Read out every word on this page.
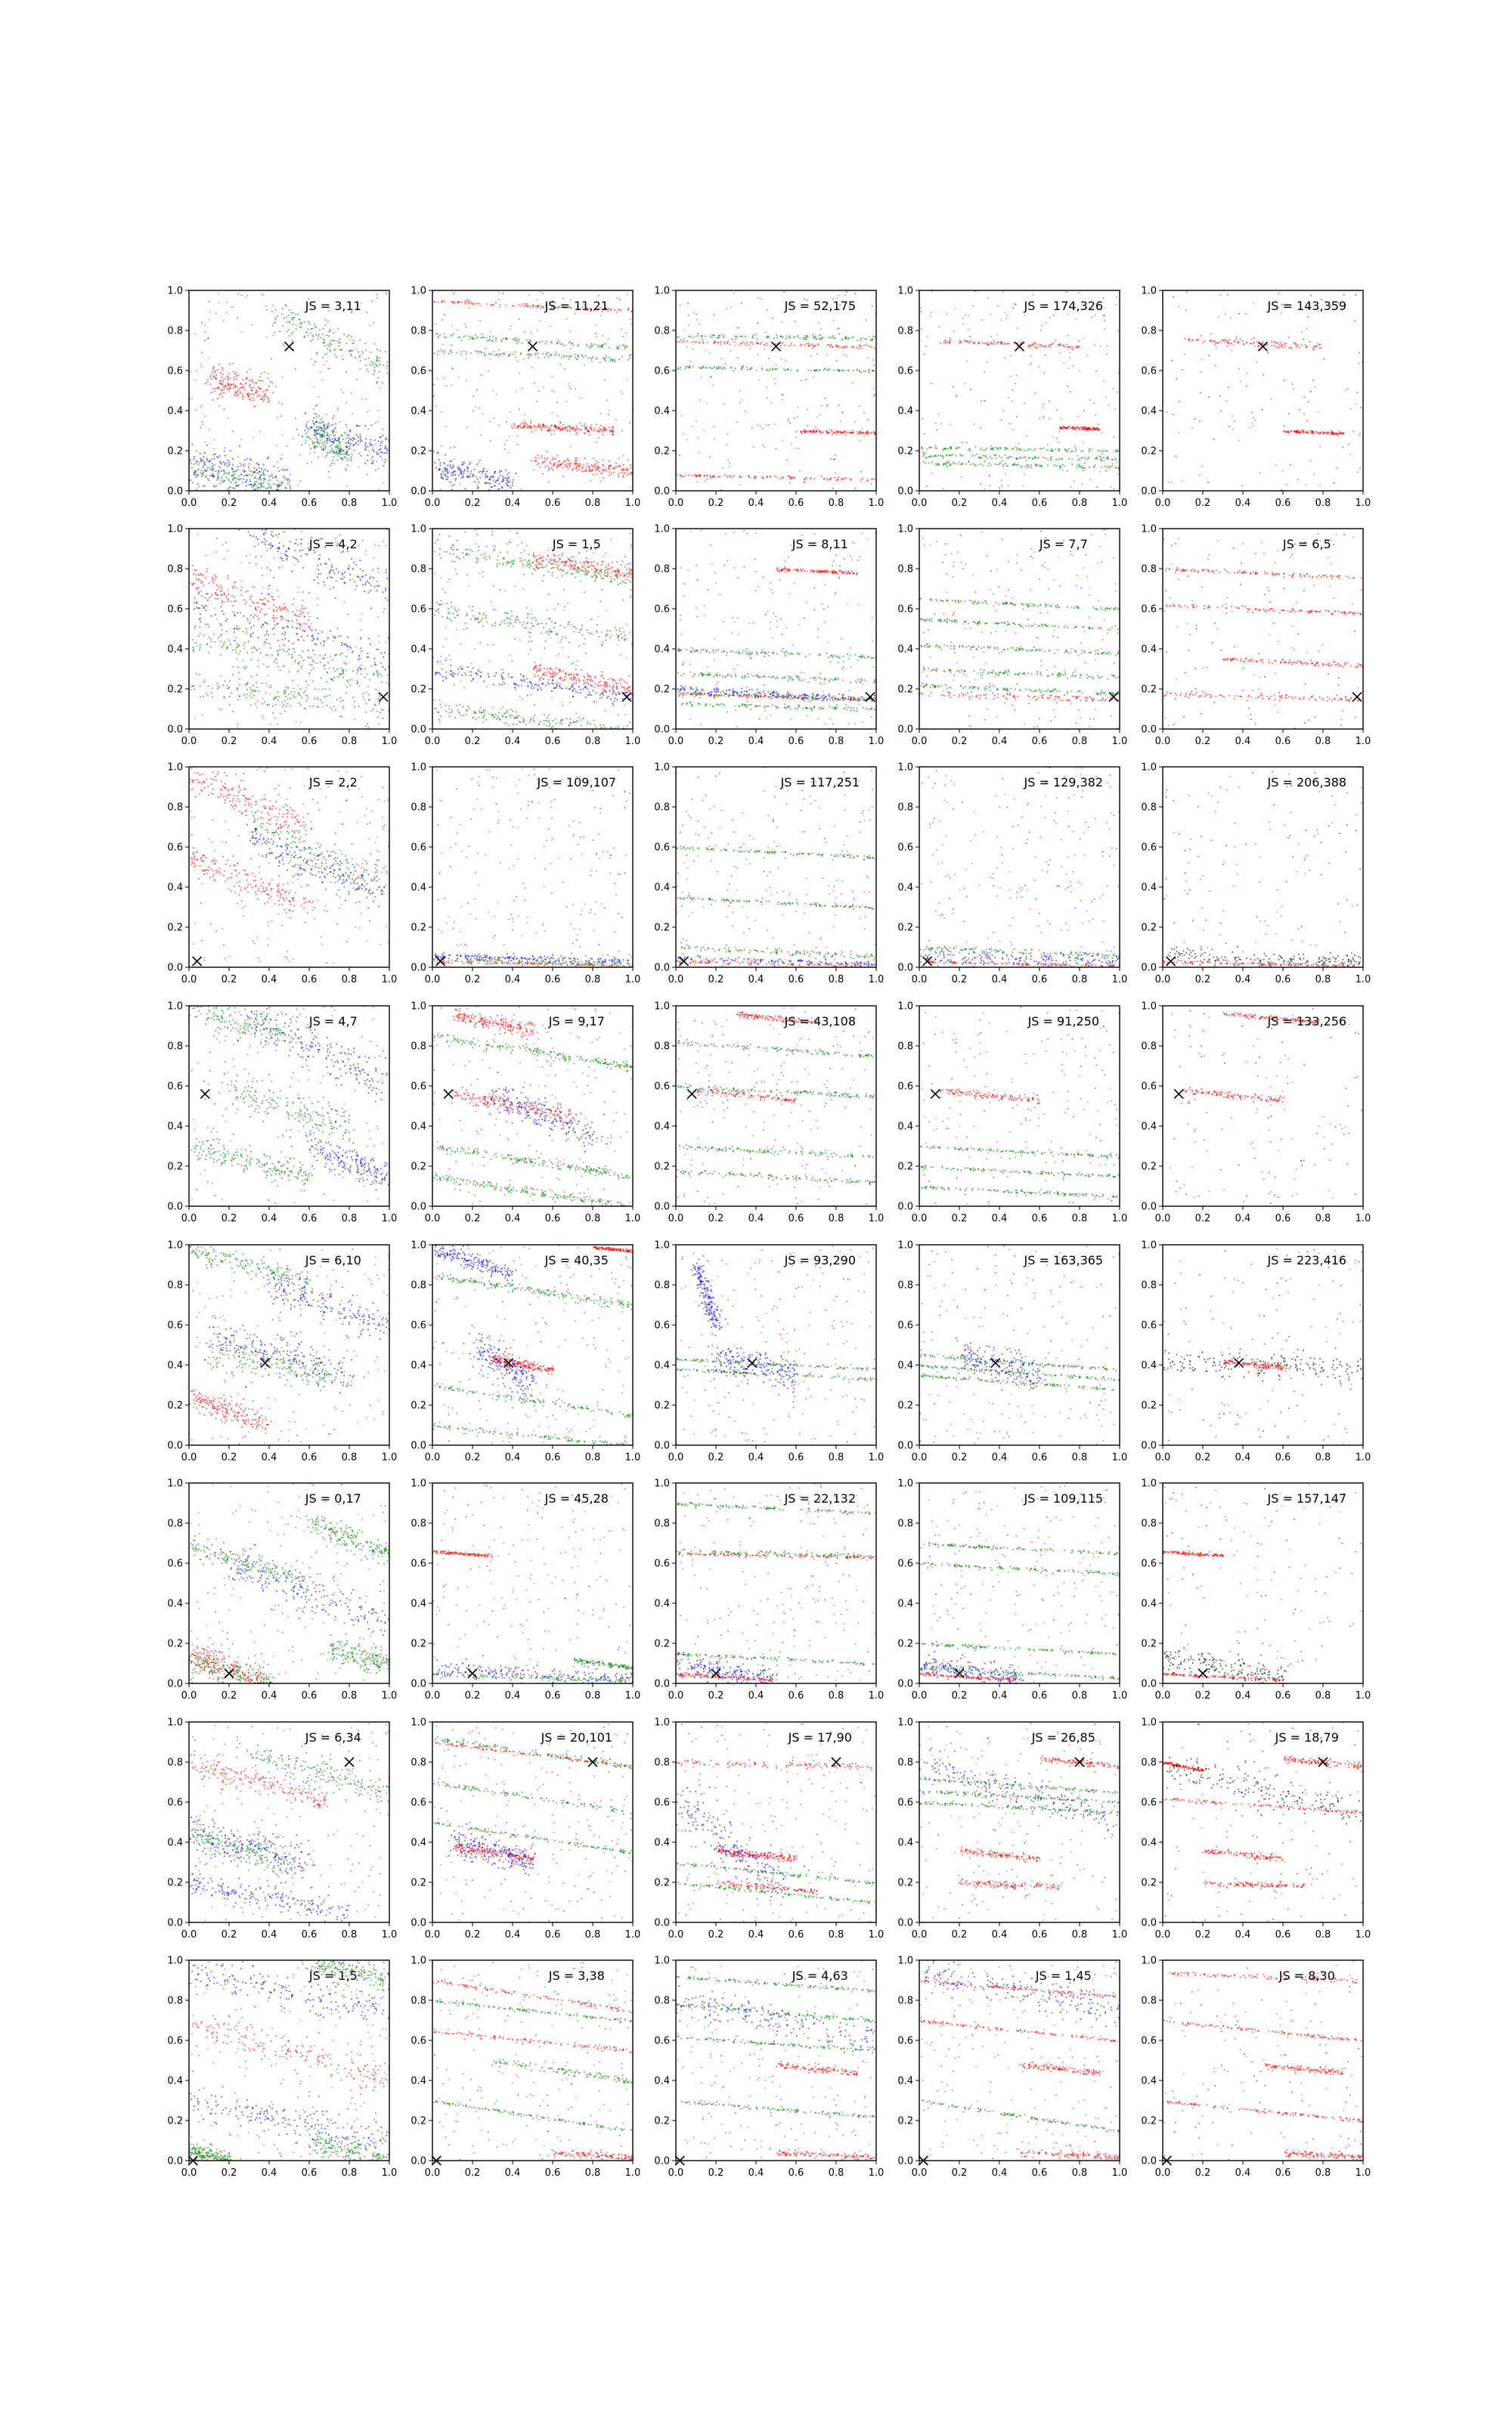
JS = 3,11
0.0
0.0
0.2
0.2
0.4
0.4
0.6
0.6
0.8
0.8
1.0
1.0
JS = 11,21
0.0
0.0
0.2
0.2
0.4
0.4
0.6
0.6
0.8
0.8
1.0
1.0
JS = 52,175
0.0
0.0
0.2
0.2
0.4
0.4
0.6
0.6
0.8
0.8
1.0
1.0
JS = 174,326
0.0
0.0
0.2
0.2
0.4
0.4
0.6
0.6
0.8
0.8
1.0
1.0
JS = 143,359
0.0
0.0
0.2
0.2
0.4
0.4
0.6
0.6
0.8
0.8
1.0
1.0
JS = 4,2
0.0
0.0
0.2
0.2
0.4
0.4
0.6
0.6
0.8
0.8
1.0
1.0
JS = 1,5
0.0
0.0
0.2
0.2
0.4
0.4
0.6
0.6
0.8
0.8
1.0
1.0
JS = 8,11
0.0
0.0
0.2
0.2
0.4
0.4
0.6
0.6
0.8
0.8
1.0
1.0
JS = 7,7
0.0
0.0
0.2
0.2
0.4
0.4
0.6
0.6
0.8
0.8
1.0
1.0
JS = 6,5
0.0
0.0
0.2
0.2
0.4
0.4
0.6
0.6
0.8
0.8
1.0
1.0
JS = 2,2
0.0
0.0
0.2
0.2
0.4
0.4
0.6
0.6
0.8
0.8
1.0
1.0
JS = 109,107
0.0
0.0
0.2
0.2
0.4
0.4
0.6
0.6
0.8
0.8
1.0
1.0
JS = 117,251
0.0
0.0
0.2
0.2
0.4
0.4
0.6
0.6
0.8
0.8
1.0
1.0
JS = 129,382
0.0
0.0
0.2
0.2
0.4
0.4
0.6
0.6
0.8
0.8
1.0
1.0
JS = 206,388
0.0
0.0
0.2
0.2
0.4
0.4
0.6
0.6
0.8
0.8
1.0
1.0
JS = 4,7
0.0
0.0
0.2
0.2
0.4
0.4
0.6
0.6
0.8
0.8
1.0
1.0
JS = 9,17
0.0
0.0
0.2
0.2
0.4
0.4
0.6
0.6
0.8
0.8
1.0
1.0
JS = 43,108
0.0
0.0
0.2
0.2
0.4
0.4
0.6
0.6
0.8
0.8
1.0
1.0
JS = 91,250
0.0
0.0
0.2
0.2
0.4
0.4
0.6
0.6
0.8
0.8
1.0
1.0
JS = 133,256
0.0
0.0
0.2
0.2
0.4
0.4
0.6
0.6
0.8
0.8
1.0
1.0
JS = 6,10
0.0
0.0
0.2
0.2
0.4
0.4
0.6
0.6
0.8
0.8
1.0
1.0
JS = 40,35
0.0
0.0
0.2
0.2
0.4
0.4
0.6
0.6
0.8
0.8
1.0
1.0
JS = 93,290
0.0
0.0
0.2
0.2
0.4
0.4
0.6
0.6
0.8
0.8
1.0
1.0
JS = 163,365
0.0
0.0
0.2
0.2
0.4
0.4
0.6
0.6
0.8
0.8
1.0
1.0
JS = 223,416
0.0
0.0
0.2
0.2
0.4
0.4
0.6
0.6
0.8
0.8
1.0
1.0
JS = 0,17
0.0
0.0
0.2
0.2
0.4
0.4
0.6
0.6
0.8
0.8
1.0
1.0
JS = 45,28
0.0
0.0
0.2
0.2
0.4
0.4
0.6
0.6
0.8
0.8
1.0
1.0
JS = 22,132
0.0
0.0
0.2
0.2
0.4
0.4
0.6
0.6
0.8
0.8
1.0
1.0
JS = 109,115
0.0
0.0
0.2
0.2
0.4
0.4
0.6
0.6
0.8
0.8
1.0
1.0
JS = 157,147
0.0
0.0
0.2
0.2
0.4
0.4
0.6
0.6
0.8
0.8
1.0
1.0
JS = 6,34
0.0
0.0
0.2
0.2
0.4
0.4
0.6
0.6
0.8
0.8
1.0
1.0
JS = 20,101
0.0
0.0
0.2
0.2
0.4
0.4
0.6
0.6
0.8
0.8
1.0
1.0
JS = 17,90
0.0
0.0
0.2
0.2
0.4
0.4
0.6
0.6
0.8
0.8
1.0
1.0
JS = 26,85
0.0
0.0
0.2
0.2
0.4
0.4
0.6
0.6
0.8
0.8
1.0
1.0
JS = 18,79
0.0
0.0
0.2
0.2
0.4
0.4
0.6
0.6
0.8
0.8
1.0
1.0
JS = 1,5
0.0
0.0
0.2
0.2
0.4
0.4
0.6
0.6
0.8
0.8
1.0
1.0
JS = 3,38
0.0
0.0
0.2
0.2
0.4
0.4
0.6
0.6
0.8
0.8
1.0
1.0
JS = 4,63
0.0
0.0
0.2
0.2
0.4
0.4
0.6
0.6
0.8
0.8
1.0
1.0
JS = 1,45
0.0
0.0
0.2
0.2
0.4
0.4
0.6
0.6
0.8
0.8
1.0
1.0
JS = 8,30
0.0
0.0
0.2
0.2
0.4
0.4
0.6
0.6
0.8
0.8
1.0
1.0
